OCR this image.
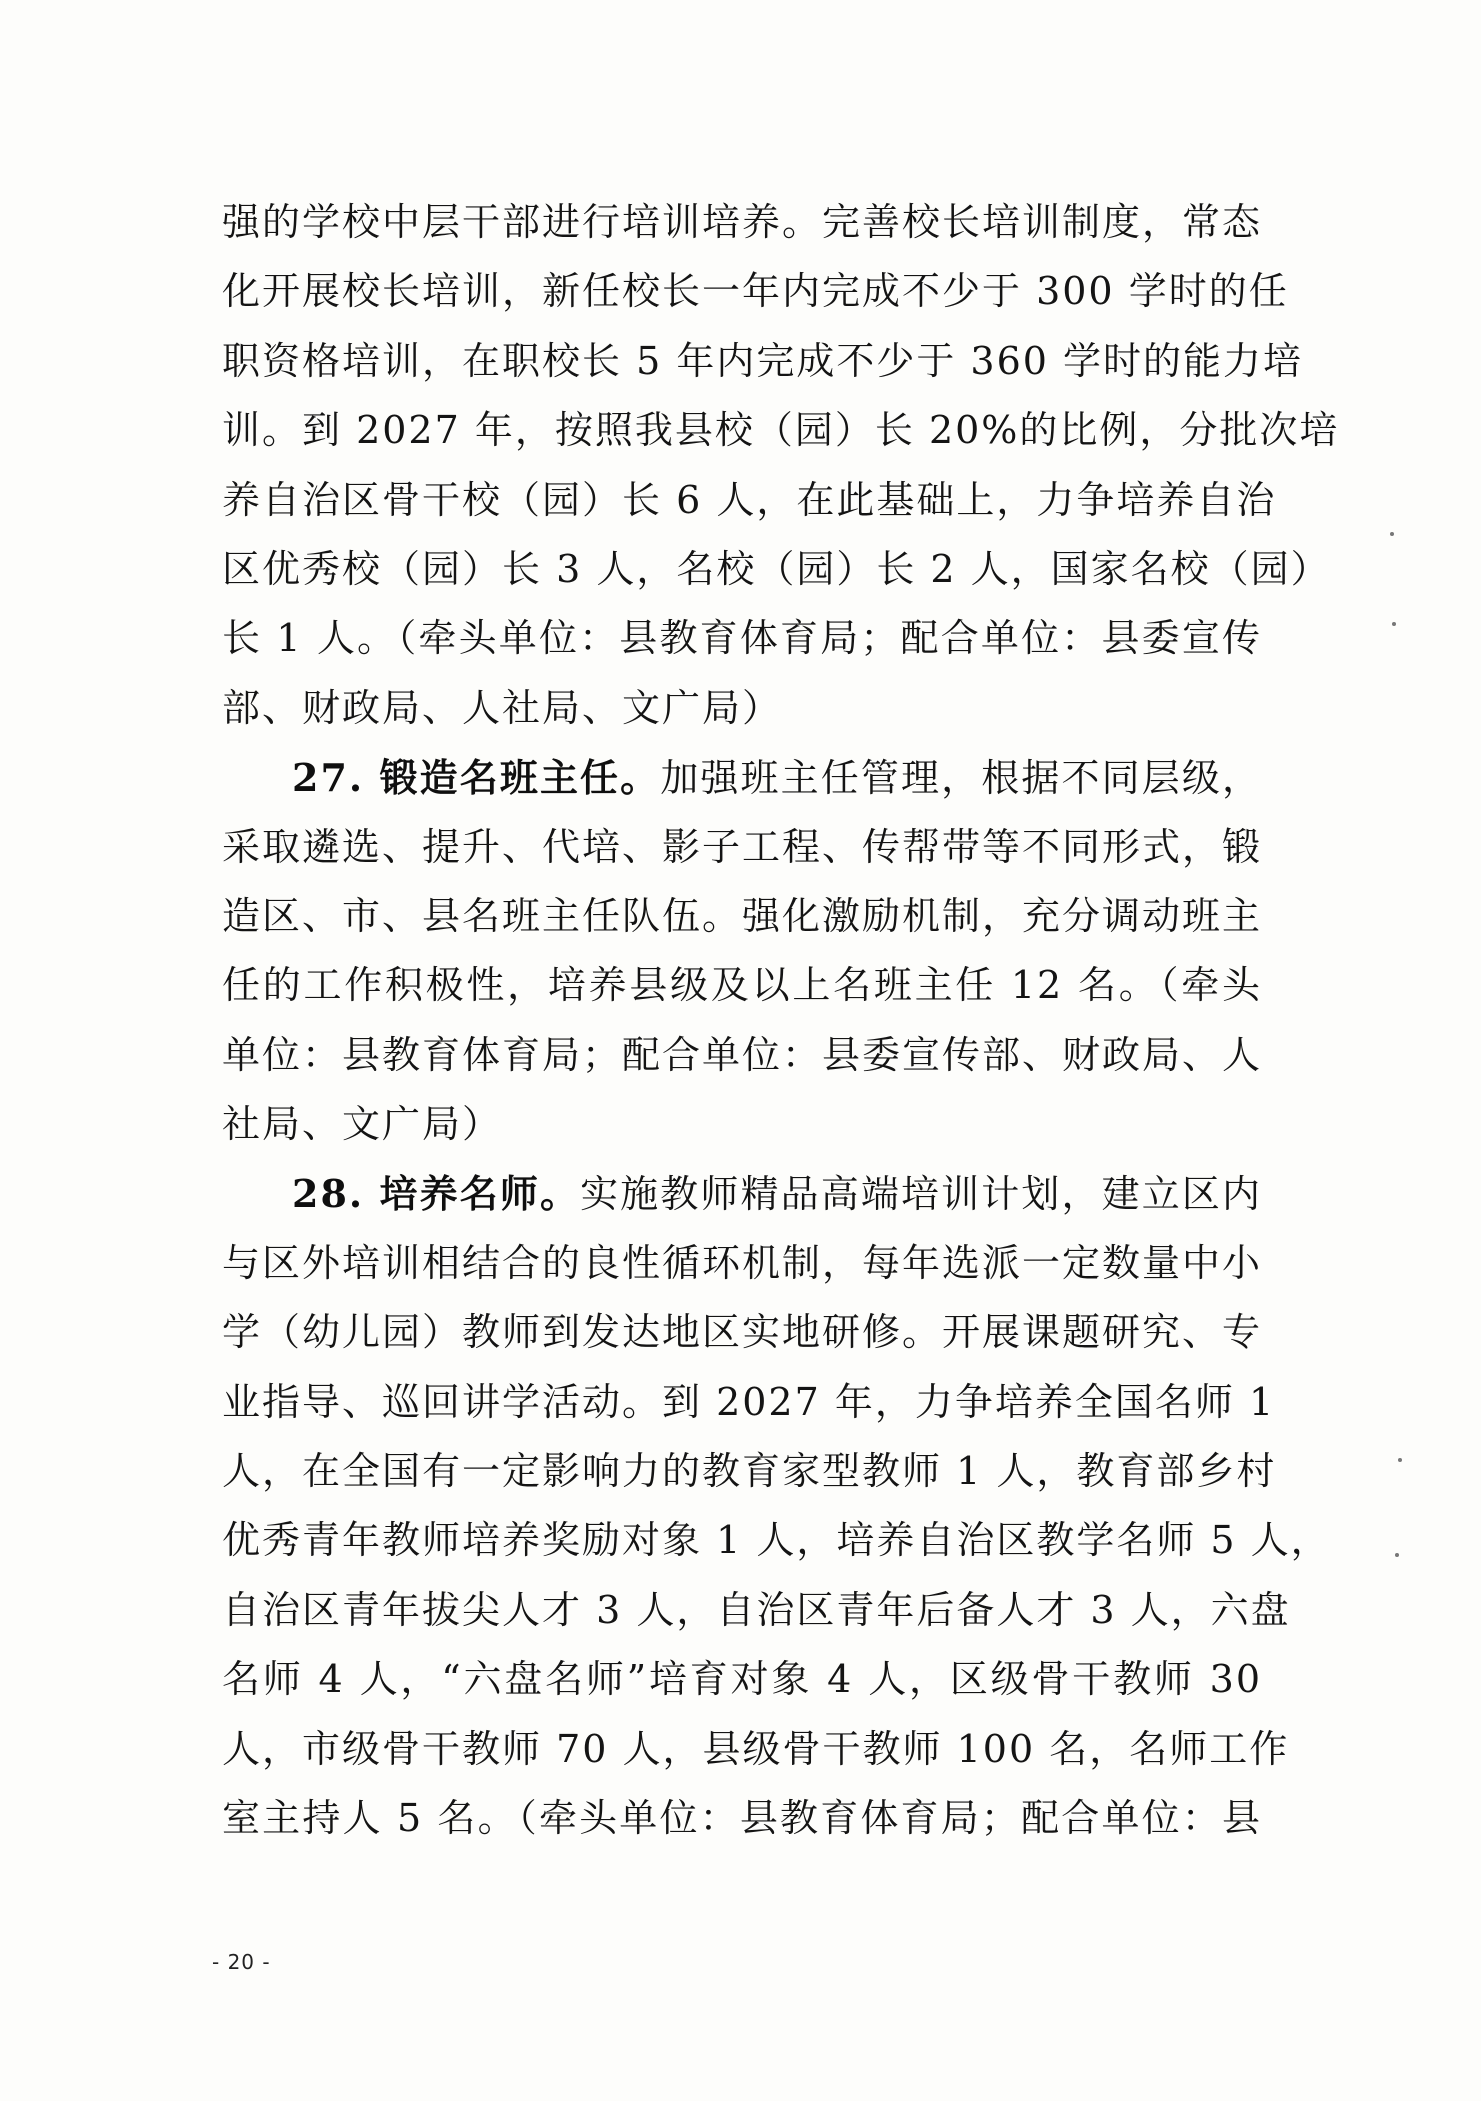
强的学校中层干部进行培训培养。完善校长培训制度，常态
化开展校长培训，新任校长一年内完成不少于 300 学时的任
职资格培训，在职校长 5 年内完成不少于 360 学时的能力培
训。到 2027 年，按照我县校（园）长 20%的比例，分批次培
养自治区骨干校（园）长 6 人，在此基础上，力争培养自治
区优秀校（园）长 3 人，名校（园）长 2 人，国家名校（园）
长 1 人。（牵头单位：县教育体育局；配合单位：县委宣传
部、财政局、人社局、文广局）
27. 锻造名班主任。加强班主任管理，根据不同层级，
采取遴选、提升、代培、影子工程、传帮带等不同形式，锻
造区、市、县名班主任队伍。强化激励机制，充分调动班主
任的工作积极性，培养县级及以上名班主任 12 名。（牵头
单位：县教育体育局；配合单位：县委宣传部、财政局、人
社局、文广局）
28. 培养名师。实施教师精品高端培训计划，建立区内
与区外培训相结合的良性循环机制，每年选派一定数量中小
学（幼儿园）教师到发达地区实地研修。开展课题研究、专
业指导、巡回讲学活动。到 2027 年，力争培养全国名师 1
人，在全国有一定影响力的教育家型教师 1 人，教育部乡村
优秀青年教师培养奖励对象 1 人，培养自治区教学名师 5 人，
自治区青年拔尖人才 3 人，自治区青年后备人才 3 人，六盘
名师 4 人，“六盘名师”培育对象 4 人，区级骨干教师 30
人，市级骨干教师 70 人，县级骨干教师 100 名，名师工作
室主持人 5 名。（牵头单位：县教育体育局；配合单位：县
- 20 -
